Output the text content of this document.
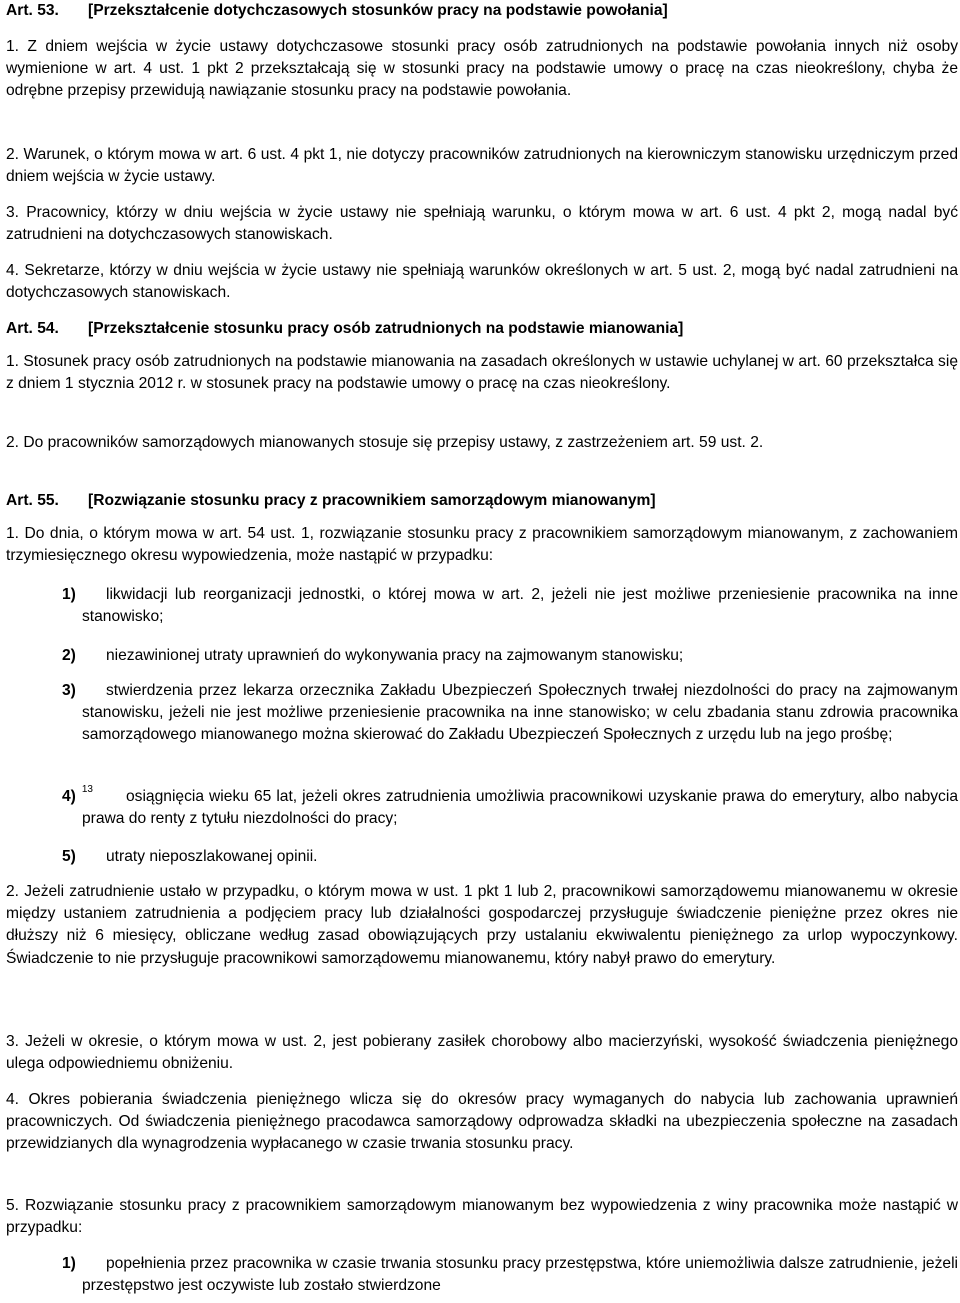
Art. 53. [Przekształcenie dotychczasowych stosunków pracy na podstawie powołania]

1. Z dniem wejścia w życie ustawy dotychczasowe stosunki pracy osób zatrudnionych na podstawie powołania innych niż osoby wymienione w art. 4 ust. 1 pkt 2 przekształcają się w stosunki pracy na podstawie umowy o pracę na czas nieokreślony, chyba że odrębne przepisy przewidują nawiązanie stosunku pracy na podstawie powołania.

2. Warunek, o którym mowa w art. 6 ust. 4 pkt 1, nie dotyczy pracowników zatrudnionych na kierowniczym stanowisku urzędniczym przed dniem wejścia w życie ustawy.

3. Pracownicy, którzy w dniu wejścia w życie ustawy nie spełniają warunku, o którym mowa w art. 6 ust. 4 pkt 2, mogą nadal być zatrudnieni na dotychczasowych stanowiskach.

4. Sekretarze, którzy w dniu wejścia w życie ustawy nie spełniają warunków określonych w art. 5 ust. 2, mogą być nadal zatrudnieni na dotychczasowych stanowiskach.

Art. 54. [Przekształcenie stosunku pracy osób zatrudnionych na podstawie mianowania]

1. Stosunek pracy osób zatrudnionych na podstawie mianowania na zasadach określonych w ustawie uchylanej w art. 60 przekształca się z dniem 1 stycznia 2012 r. w stosunek pracy na podstawie umowy o pracę na czas nieokreślony.

2. Do pracowników samorządowych mianowanych stosuje się przepisy ustawy, z zastrzeżeniem art. 59 ust. 2.

Art. 55. [Rozwiązanie stosunku pracy z pracownikiem samorządowym mianowanym]

1. Do dnia, o którym mowa w art. 54 ust. 1, rozwiązanie stosunku pracy z pracownikiem samorządowym mianowanym, z zachowaniem trzymiesięcznego okresu wypowiedzenia, może nastąpić w przypadku:

1)	likwidacji lub reorganizacji jednostki, o której mowa w art. 2, jeżeli nie jest możliwe przeniesienie pracownika na inne stanowisko;
2)	niezawinionej utraty uprawnień do wykonywania pracy na zajmowanym stanowisku;
3)	stwierdzenia przez lekarza orzecznika Zakładu Ubezpieczeń Społecznych trwałej niezdolności do pracy na zajmowanym stanowisku, jeżeli nie jest możliwe przeniesienie pracownika na inne stanowisko; w celu zbadania stanu zdrowia pracownika samorządowego mianowanego można skierować do Zakładu Ubezpieczeń Społecznych z urzędu lub na jego prośbę;
4) $^{13}$	osiągnięcia wieku 65 lat, jeżeli okres zatrudnienia umożliwia pracownikowi uzyskanie prawa do emerytury, albo nabycia prawa do renty z tytułu niezdolności do pracy;
5)	utraty nieposzlakowanej opinii.

2. Jeżeli zatrudnienie ustało w przypadku, o którym mowa w ust. 1 pkt 1 lub 2, pracownikowi samorządowemu mianowanemu w okresie między ustaniem zatrudnienia a podjęciem pracy lub działalności gospodarczej przysługuje świadczenie pieniężne przez okres nie dłuższy niż 6 miesięcy, obliczane według zasad obowiązujących przy ustalaniu ekwiwalentu pieniężnego za urlop wypoczynkowy. Świadczenie to nie przysługuje pracownikowi samorządowemu mianowanemu, który nabył prawo do emerytury.

3. Jeżeli w okresie, o którym mowa w ust. 2, jest pobierany zasiłek chorobowy albo macierzyński, wysokość świadczenia pieniężnego ulega odpowiedniemu obniżeniu.

4. Okres pobierania świadczenia pieniężnego wlicza się do okresów pracy wymaganych do nabycia lub zachowania uprawnień pracowniczych. Od świadczenia pieniężnego pracodawca samorządowy odprowadza składki na ubezpieczenia społeczne na zasadach przewidzianych dla wynagrodzenia wypłacanego w czasie trwania stosunku pracy.

5. Rozwiązanie stosunku pracy z pracownikiem samorządowym mianowanym bez wypowiedzenia z winy pracownika może nastąpić w przypadku:

1)	popełnienia przez pracownika w czasie trwania stosunku pracy przestępstwa, które uniemożliwia dalsze zatrudnienie, jeżeli przestępstwo jest oczywiste lub zostało stwierdzone
